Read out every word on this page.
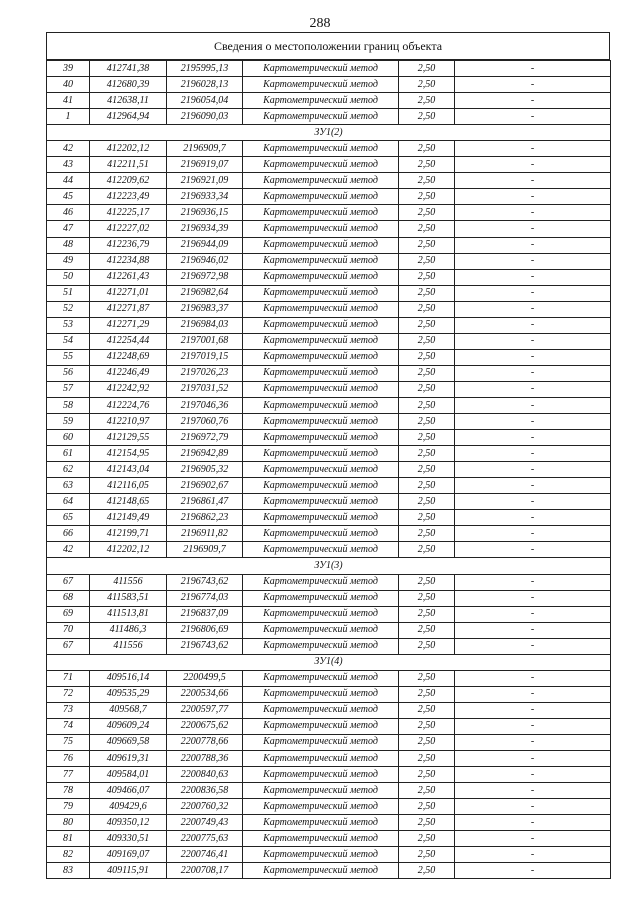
288
Сведения о местоположении границ объекта
39	412741,38	2195995,13	Картометрический метод	2,50	-
40	412680,39	2196028,13	Картометрический метод	2,50	-
41	412638,11	2196054,04	Картометрический метод	2,50	-
1	412964,94	2196090,03	Картометрический метод	2,50	-
ЗУ1(2)					
42	412202,12	2196909,7	Картометрический метод	2,50	-
43	412211,51	2196919,07	Картометрический метод	2,50	-
44	412209,62	2196921,09	Картометрический метод	2,50	-
45	412223,49	2196933,34	Картометрический метод	2,50	-
46	412225,17	2196936,15	Картометрический метод	2,50	-
47	412227,02	2196934,39	Картометрический метод	2,50	-
48	412236,79	2196944,09	Картометрический метод	2,50	-
49	412234,88	2196946,02	Картометрический метод	2,50	-
50	412261,43	2196972,98	Картометрический метод	2,50	-
51	412271,01	2196982,64	Картометрический метод	2,50	-
52	412271,87	2196983,37	Картометрический метод	2,50	-
53	412271,29	2196984,03	Картометрический метод	2,50	-
54	412254,44	2197001,68	Картометрический метод	2,50	-
55	412248,69	2197019,15	Картометрический метод	2,50	-
56	412246,49	2197026,23	Картометрический метод	2,50	-
57	412242,92	2197031,52	Картометрический метод	2,50	-
58	412224,76	2197046,36	Картометрический метод	2,50	-
59	412210,97	2197060,76	Картометрический метод	2,50	-
60	412129,55	2196972,79	Картометрический метод	2,50	-
61	412154,95	2196942,89	Картометрический метод	2,50	-
62	412143,04	2196905,32	Картометрический метод	2,50	-
63	412116,05	2196902,67	Картометрический метод	2,50	-
64	412148,65	2196861,47	Картометрический метод	2,50	-
65	412149,49	2196862,23	Картометрический метод	2,50	-
66	412199,71	2196911,82	Картометрический метод	2,50	-
42	412202,12	2196909,7	Картометрический метод	2,50	-
ЗУ1(3)					
67	411556	2196743,62	Картометрический метод	2,50	-
68	411583,51	2196774,03	Картометрический метод	2,50	-
69	411513,81	2196837,09	Картометрический метод	2,50	-
70	411486,3	2196806,69	Картометрический метод	2,50	-
67	411556	2196743,62	Картометрический метод	2,50	-
ЗУ1(4)					
71	409516,14	2200499,5	Картометрический метод	2,50	-
72	409535,29	2200534,66	Картометрический метод	2,50	-
73	409568,7	2200597,77	Картометрический метод	2,50	-
74	409609,24	2200675,62	Картометрический метод	2,50	-
75	409669,58	2200778,66	Картометрический метод	2,50	-
76	409619,31	2200788,36	Картометрический метод	2,50	-
77	409584,01	2200840,63	Картометрический метод	2,50	-
78	409466,07	2200836,58	Картометрический метод	2,50	-
79	409429,6	2200760,32	Картометрический метод	2,50	-
80	409350,12	2200749,43	Картометрический метод	2,50	-
81	409330,51	2200775,63	Картометрический метод	2,50	-
82	409169,07	2200746,41	Картометрический метод	2,50	-
83	409115,91	2200708,17	Картометрический метод	2,50	-
